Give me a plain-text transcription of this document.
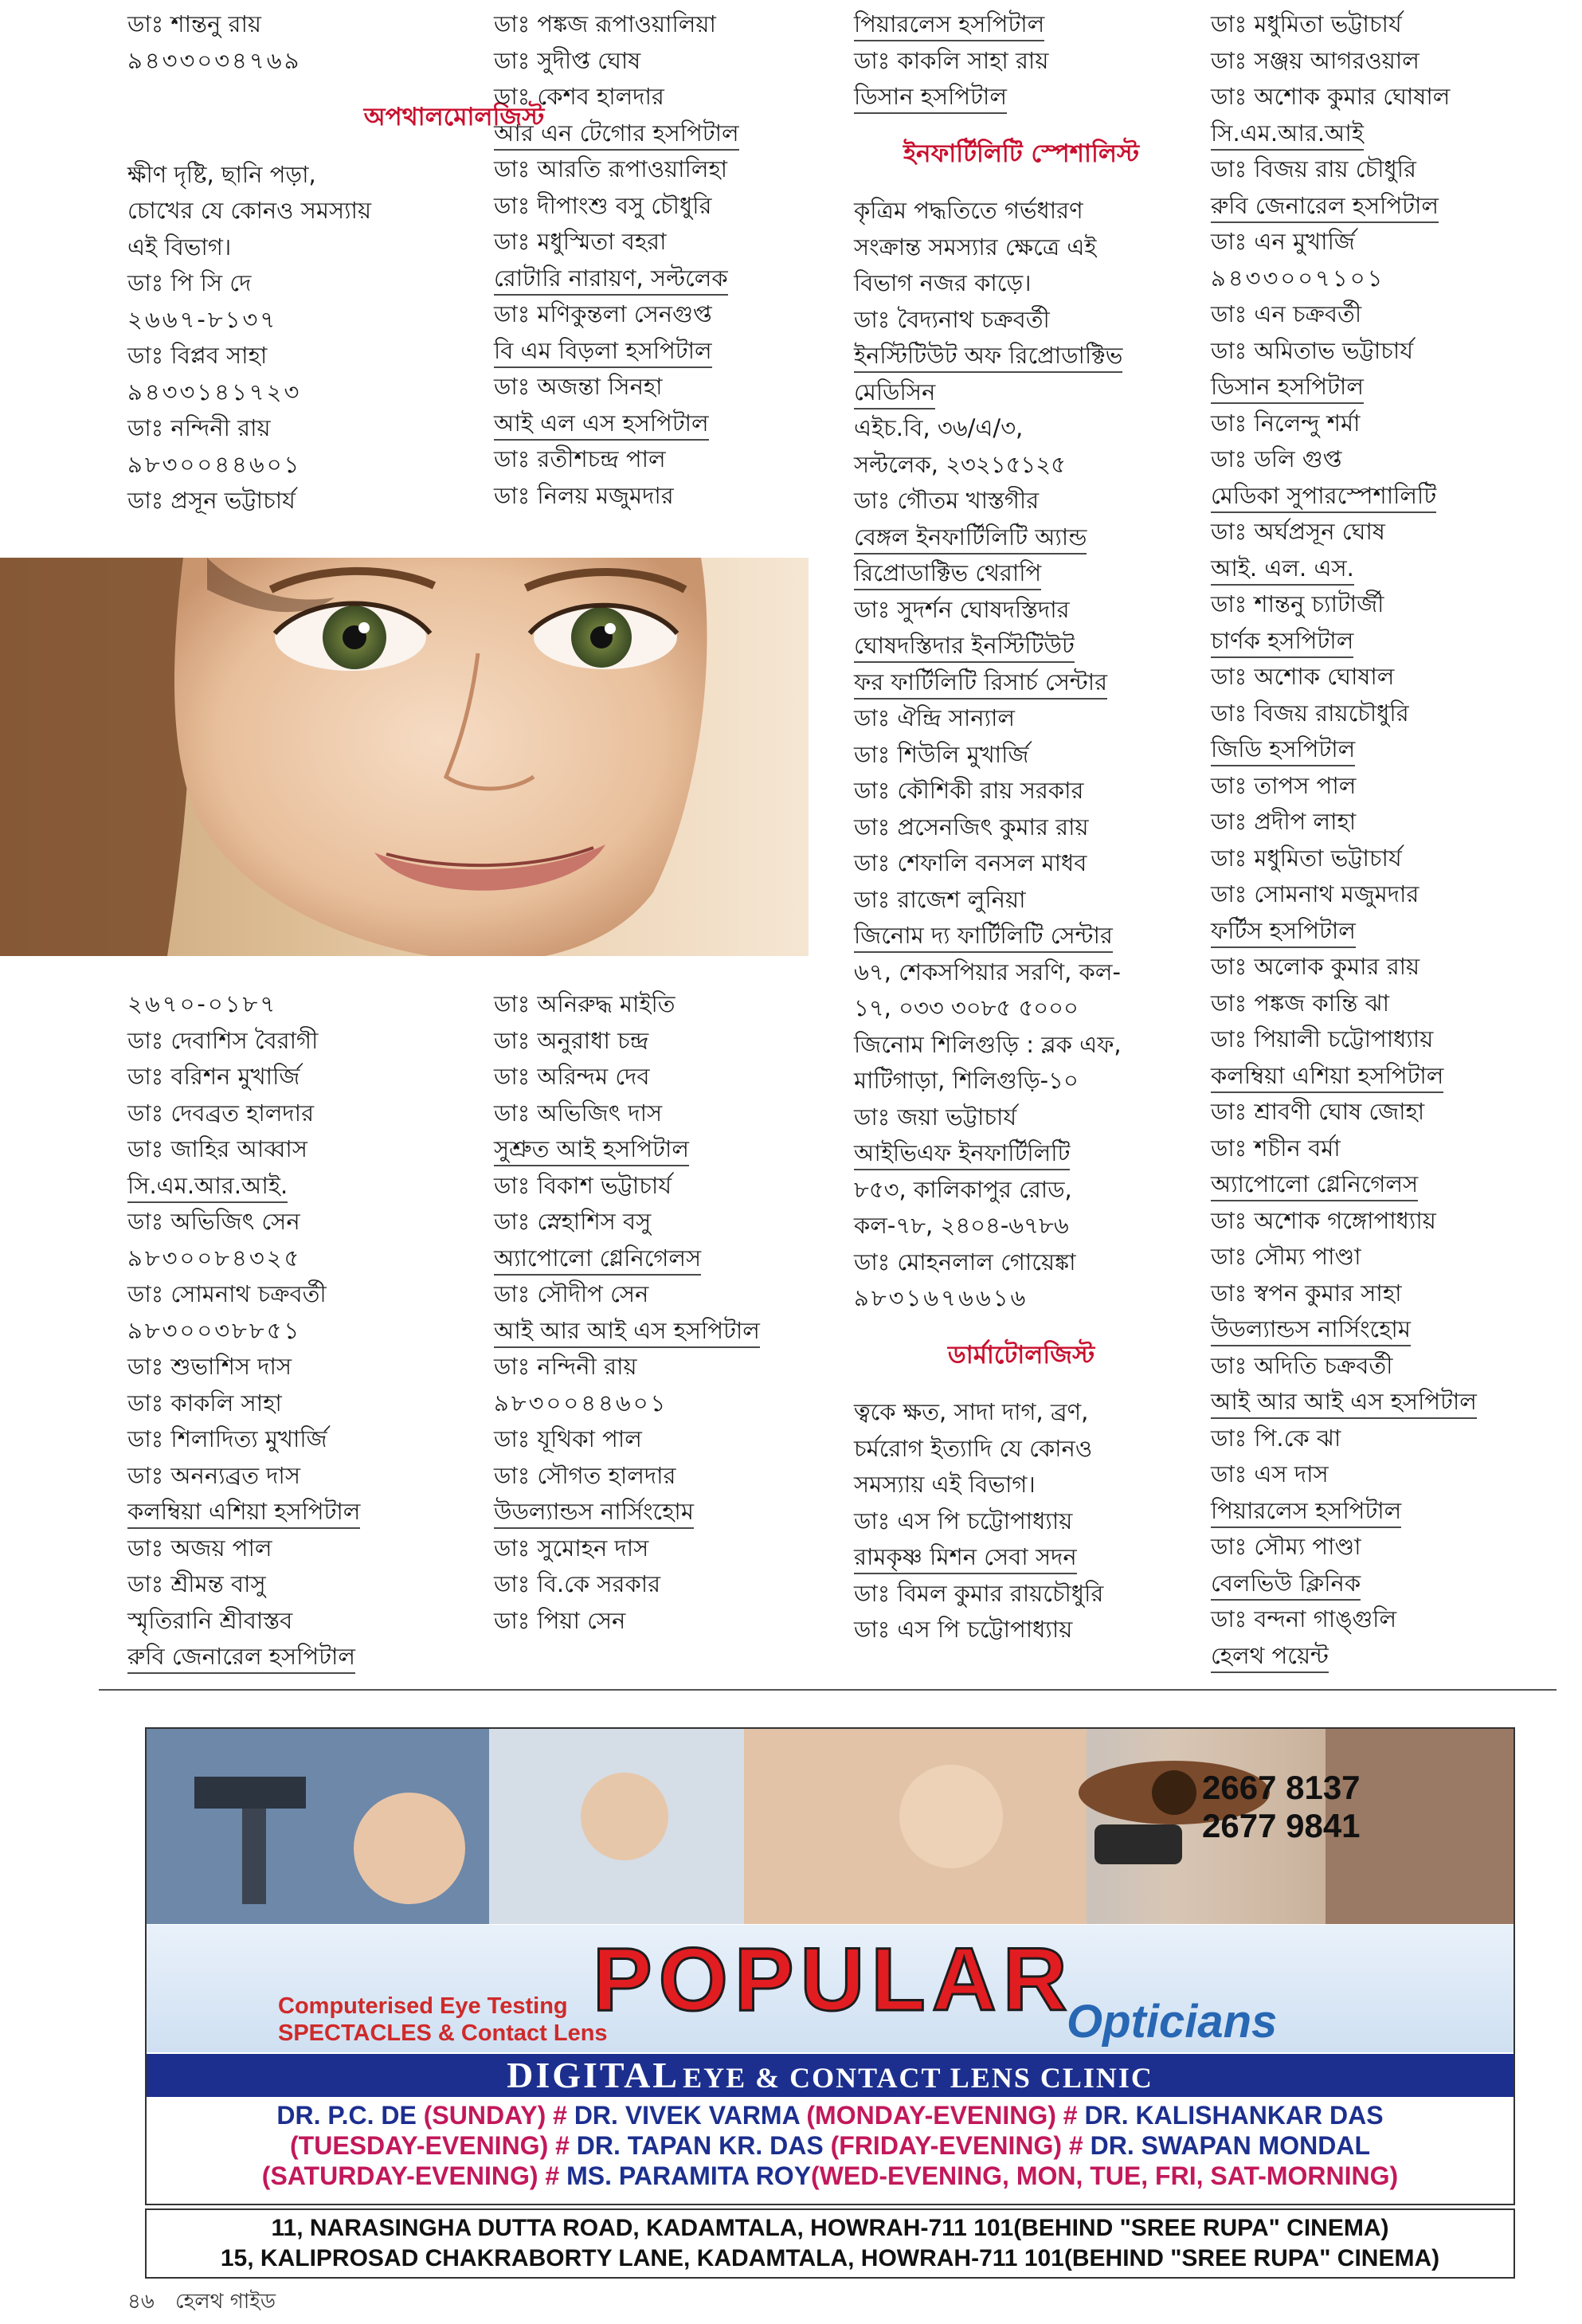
ডাঃ শান্তনু রায়
৯৪৩৩০৩৪৭৬৯
অপথালমোলজিস্ট
ক্ষীণ দৃষ্টি, ছানি পড়া,
চোখের যে কোনও সমস্যায়
এই বিভাগ।
ডাঃ পি সি দে
২৬৬৭-৮১৩৭
ডাঃ বিপ্লব সাহা
৯৪৩৩১৪১৭২৩
ডাঃ নন্দিনী রায়
৯৮৩০০৪৪৬০১
ডাঃ প্রসূন ভট্টাচার্য
ডাঃ পঙ্কজ রূপাওয়ালিয়া
ডাঃ সুদীপ্ত ঘোষ
ডাঃ কেশব হালদার
আর এন টেগোর হসপিটাল
ডাঃ আরতি রূপাওয়ালিহা
ডাঃ দীপাংশু বসু চৌধুরি
ডাঃ মধুস্মিতা বহরা
রোটারি নারায়ণ, সল্টলেক
ডাঃ মণিকুন্তলা সেনগুপ্ত
বি এম বিড়লা হসপিটাল
ডাঃ অজন্তা সিনহা
আই এল এস হসপিটাল
ডাঃ রতীশচন্দ্র পাল
ডাঃ নিলয় মজুমদার
পিয়ারলেস হসপিটাল
ডাঃ কাকলি সাহা রায়
ডিসান হসপিটাল
ইনফার্টিলিটি স্পেশালিস্ট
কৃত্রিম পদ্ধতিতে গর্ভধারণ
সংক্রান্ত সমস্যার ক্ষেত্রে এই
বিভাগ নজর কাড়ে।
ডাঃ বৈদ্যনাথ চক্রবর্তী
ইনস্টিটিউট অফ রিপ্রোডাক্টিভ
মেডিসিন
এইচ.বি, ৩৬/এ/৩,
সল্টলেক, ২৩২১৫১২৫
ডাঃ গৌতম খাস্তগীর
বেঙ্গল ইনফার্টিলিটি অ্যান্ড
রিপ্রোডাক্টিভ থেরাপি
ডাঃ সুদর্শন ঘোষদস্তিদার
ঘোষদস্তিদার ইনস্টিটিউট
ফর ফার্টিলিটি রিসার্চ সেন্টার
ডাঃ ঐন্দ্রি সান্যাল
ডাঃ শিউলি মুখার্জি
ডাঃ কৌশিকী রায় সরকার
ডাঃ প্রসেনজিৎ কুমার রায়
ডাঃ শেফালি বনসল মাধব
ডাঃ রাজেশ লুনিয়া
জিনোম দ্য ফার্টিলিটি সেন্টার
৬৭, শেকসপিয়ার সরণি, কল-
১৭, ০৩৩ ৩০৮৫ ৫০০০
জিনোম শিলিগুড়ি : ব্লক এফ,
মাটিগাড়া, শিলিগুড়ি-১০
ডাঃ জয়া ভট্টাচার্য
আইভিএফ ইনফার্টিলিটি
৮৫৩, কালিকাপুর রোড,
কল-৭৮, ২৪০৪-৬৭৮৬
ডাঃ মোহনলাল গোয়েঙ্কা
৯৮৩১৬৭৬৬১৬
ডার্মাটোলজিস্ট
ত্বকে ক্ষত, সাদা দাগ, ব্রণ,
চর্মরোগ ইত্যাদি যে কোনও
সমস্যায় এই বিভাগ।
ডাঃ এস পি চট্টোপাধ্যায়
রামকৃষ্ণ মিশন সেবা সদন
ডাঃ বিমল কুমার রায়চৌধুরি
ডাঃ এস পি চট্টোপাধ্যায়
ডাঃ মধুমিতা ভট্টাচার্য
ডাঃ সঞ্জয় আগরওয়াল
ডাঃ অশোক কুমার ঘোষাল
সি.এম.আর.আই
ডাঃ বিজয় রায় চৌধুরি
রুবি জেনারেল হসপিটাল
ডাঃ এন মুখার্জি
৯৪৩৩০০৭১০১
ডাঃ এন চক্রবর্তী
ডাঃ অমিতাভ ভট্টাচার্য
ডিসান হসপিটাল
ডাঃ নিলেন্দু শর্মা
ডাঃ ডলি গুপ্ত
মেডিকা সুপারস্পেশালিটি
ডাঃ অর্ঘপ্রসূন ঘোষ
আই. এল. এস.
ডাঃ শান্তনু চ্যাটার্জী
চার্ণক হসপিটাল
ডাঃ অশোক ঘোষাল
ডাঃ বিজয় রায়চৌধুরি
জিডি হসপিটাল
ডাঃ তাপস পাল
ডাঃ প্রদীপ লাহা
ডাঃ মধুমিতা ভট্টাচার্য
ডাঃ সোমনাথ মজুমদার
ফর্টিস হসপিটাল
ডাঃ অলোক কুমার রায়
ডাঃ পঙ্কজ কান্তি ঝা
ডাঃ পিয়ালী চট্টোপাধ্যায়
কলম্বিয়া এশিয়া হসপিটাল
ডাঃ শ্রাবণী ঘোষ জোহা
ডাঃ শচীন বর্মা
অ্যাপোলো গ্লেনিগেলস
ডাঃ অশোক গঙ্গোপাধ্যায়
ডাঃ সৌম্য পাণ্ডা
ডাঃ স্বপন কুমার সাহা
উডল্যান্ডস নার্সিংহোম
ডাঃ অদিতি চক্রবর্তী
আই আর আই এস হসপিটাল
ডাঃ পি.কে ঝা
ডাঃ এস দাস
পিয়ারলেস হসপিটাল
ডাঃ সৌম্য পাণ্ডা
বেলভিউ ক্লিনিক
ডাঃ বন্দনা গাঙ্গুলি
হেলথ পয়েন্ট
২৬৭০-০১৮৭
ডাঃ দেবাশিস বৈরাগী
ডাঃ বরিশন মুখার্জি
ডাঃ দেবব্রত হালদার
ডাঃ জাহির আব্বাস
সি.এম.আর.আই.
ডাঃ অভিজিৎ সেন
৯৮৩০০৮৪৩২৫
ডাঃ সোমনাথ চক্রবর্তী
৯৮৩০০৩৮৮৫১
ডাঃ শুভাশিস দাস
ডাঃ কাকলি সাহা
ডাঃ শিলাদিত্য মুখার্জি
ডাঃ অনন্যব্রত দাস
কলম্বিয়া এশিয়া হসপিটাল
ডাঃ অজয় পাল
ডাঃ শ্রীমন্ত বাসু
স্মৃতিরানি শ্রীবাস্তব
রুবি জেনারেল হসপিটাল
ডাঃ অনিরুদ্ধ মাইতি
ডাঃ অনুরাধা চন্দ্র
ডাঃ অরিন্দম দেব
ডাঃ অভিজিৎ দাস
সুশ্রুত আই হসপিটাল
ডাঃ বিকাশ ভট্টাচার্য
ডাঃ স্নেহাশিস বসু
অ্যাপোলো গ্লেনিগেলস
ডাঃ সৌদীপ সেন
আই আর আই এস হসপিটাল
ডাঃ নন্দিনী রায়
৯৮৩০০৪৪৬০১
ডাঃ যূথিকা পাল
ডাঃ সৌগত হালদার
উডল্যান্ডস নার্সিংহোম
ডাঃ সুমোহন দাস
ডাঃ বি.কে সরকার
ডাঃ পিয়া সেন
2667 8137
2677 9841
POPULAR
Opticians
Computerised Eye Testing
SPECTACLES & Contact Lens
DIGITAL EYE & CONTACT LENS CLINIC
DR. P.C. DE (SUNDAY) # DR. VIVEK VARMA (MONDAY-EVENING) # DR. KALISHANKAR DAS
(TUESDAY-EVENING) # DR. TAPAN KR. DAS (FRIDAY-EVENING) # DR. SWAPAN MONDAL
(SATURDAY-EVENING) # MS. PARAMITA ROY(WED-EVENING, MON, TUE, FRI, SAT-MORNING)
11, NARASINGHA DUTTA ROAD, KADAMTALA, HOWRAH-711 101(BEHIND "SREE RUPA" CINEMA)
15, KALIPROSAD CHAKRABORTY LANE, KADAMTALA, HOWRAH-711 101(BEHIND "SREE RUPA" CINEMA)
৪৬ হেলথ গাইড
